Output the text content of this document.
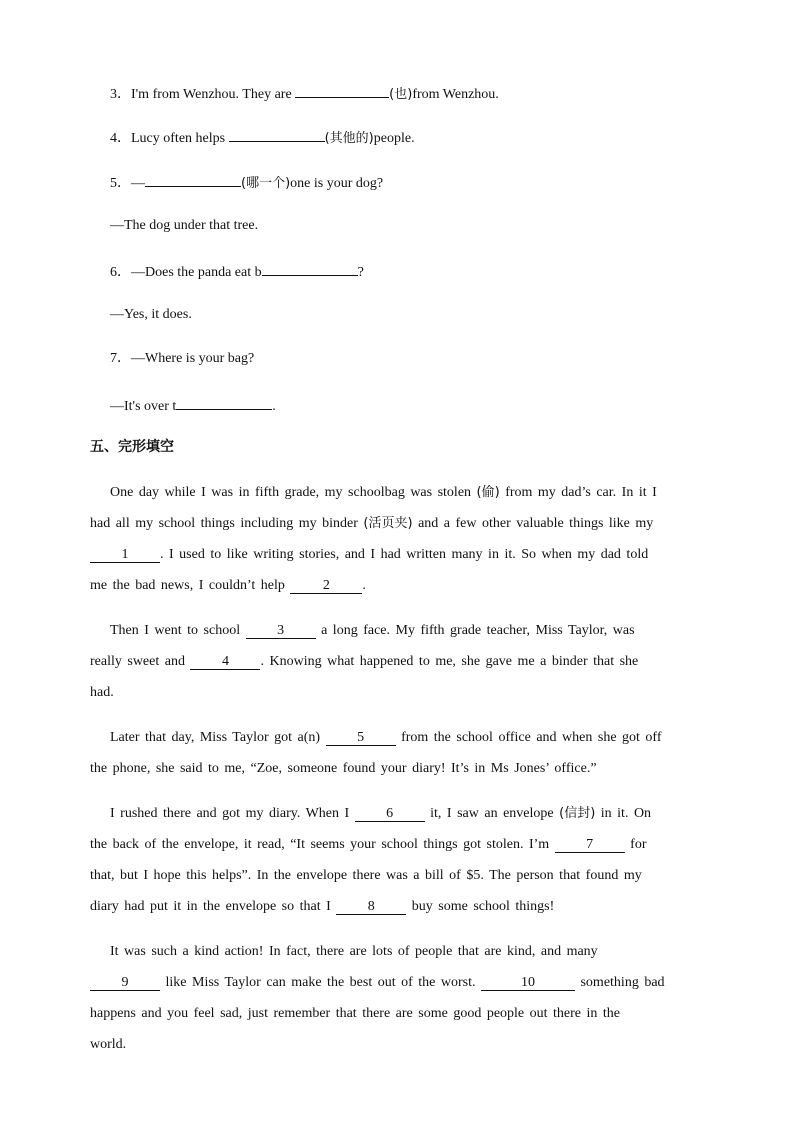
3．I'm from Wenzhou. They are	(也)from Wenzhou.
4．Lucy often helps	(其他的)people.
5．—	(哪一个)one is your dog?
—The dog under that tree.
6．—Does the panda eat b	?
—Yes, it does.
7．—Where is your bag?
—It's over t	.
五、完形填空
One day while I was in fifth grade, my schoolbag was stolen (偷) from my dad’s car. In it I
had all my school things including my binder (活页夹) and a few other valuable things like my
1 . I used to like writing stories, and I had written many in it. So when my dad told
me the bad news, I couldn’t help 2 .
Then I went to school 3 a long face. My fifth grade teacher, Miss Taylor, was
really sweet and 4 . Knowing what happened to me, she gave me a binder that she
had.
Later that day, Miss Taylor got a(n) 5 from the school office and when she got off
the phone, she said to me, “Zoe, someone found your diary! It’s in Ms Jones’ office.”
I rushed there and got my diary. When I 6 it, I saw an envelope (信封) in it. On
the back of the envelope, it read, “It seems your school things got stolen. I’m 7 for
that, but I hope this helps”. In the envelope there was a bill of $5. The person that found my
diary had put it in the envelope so that I 8 buy some school things!
It was such a kind action! In fact, there are lots of people that are kind, and many
9 like Miss Taylor can make the best out of the worst.	10	something bad
happens and you feel sad, just remember that there are some good people out there in the
world.
